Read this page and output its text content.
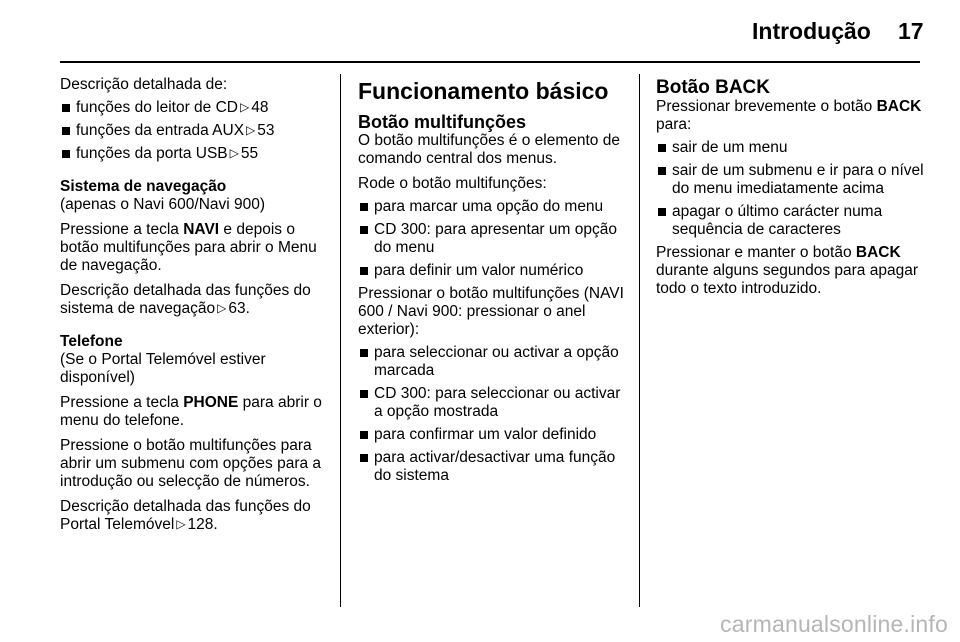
Introdução 17

Descrição detalhada de:

funções do leitor de CD ▷ 48
funções da entrada AUX ▷ 53
funções da porta USB ▷ 55
Sistema de navegação

(apenas o Navi 600/Navi 900)

Pressione a tecla NAVI e depois o botão multifunções para abrir o Menu de navegação.

Descrição detalhada das funções do sistema de navegação ▷ 63.

Telefone

(Se o Portal Telemóvel estiver disponível)

Pressione a tecla PHONE para abrir o menu do telefone.

Pressione o botão multifunções para abrir um submenu com opções para a introdução ou selecção de números.

Descrição detalhada das funções do Portal Telemóvel ▷ 128.

Funcionamento básico
Botão multifunções

O botão multifunções é o elemento de comando central dos menus.

Rode o botão multifunções:

para marcar uma opção do menu
CD 300: para apresentar um opção do menu
para definir um valor numérico

Pressionar o botão multifunções (NAVI 600 / Navi 900: pressionar o anel exterior):

para seleccionar ou activar a opção marcada
CD 300: para seleccionar ou activar a opção mostrada
para confirmar um valor definido
para activar/desactivar uma função do sistema
Botão BACK

Pressionar brevemente o botão BACK para:

sair de um menu
sair de um submenu e ir para o nível do menu imediatamente acima
apagar o último carácter numa sequência de caracteres

Pressionar e manter o botão BACK durante alguns segundos para apagar todo o texto introduzido.

carmanualsonline.info
